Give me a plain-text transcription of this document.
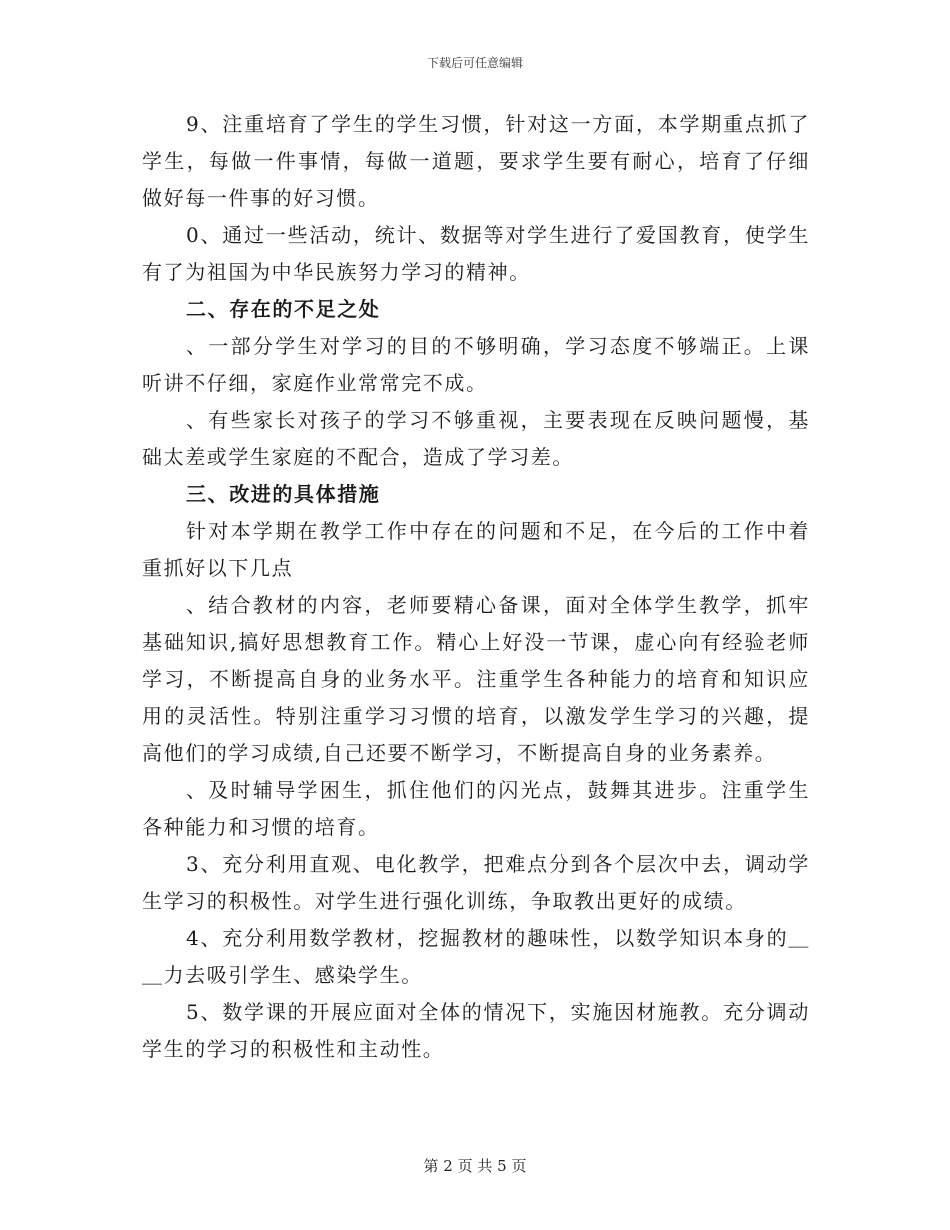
下载后可任意编辑

9、注重培育了学生的学生习惯，针对这一方面，本学期重点抓了学生，每做一件事情，每做一道题，要求学生要有耐心，培育了仔细做好每一件事的好习惯。

0、通过一些活动，统计、数据等对学生进行了爱国教育，使学生有了为祖国为中华民族努力学习的精神。

二、存在的不足之处

、一部分学生对学习的目的不够明确，学习态度不够端正。上课听讲不仔细，家庭作业常常完不成。

、有些家长对孩子的学习不够重视，主要表现在反映问题慢，基础太差或学生家庭的不配合，造成了学习差。

三、改进的具体措施

针对本学期在教学工作中存在的问题和不足，在今后的工作中着重抓好以下几点

、结合教材的内容，老师要精心备课，面对全体学生教学，抓牢基础知识,搞好思想教育工作。精心上好没一节课，虚心向有经验老师学习，不断提高自身的业务水平。注重学生各种能力的培育和知识应用的灵活性。特别注重学习习惯的培育，以激发学生学习的兴趣，提高他们的学习成绩,自己还要不断学习，不断提高自身的业务素养。

、及时辅导学困生，抓住他们的闪光点，鼓舞其进步。注重学生各种能力和习惯的培育。

3、充分利用直观、电化教学，把难点分到各个层次中去，调动学生学习的积极性。对学生进行强化训练，争取教出更好的成绩。

4、充分利用数学教材，挖掘教材的趣味性，以数学知识本身的＿＿力去吸引学生、感染学生。

5、数学课的开展应面对全体的情况下，实施因材施教。充分调动学生的学习的积极性和主动性。

第 2 页 共 5 页
